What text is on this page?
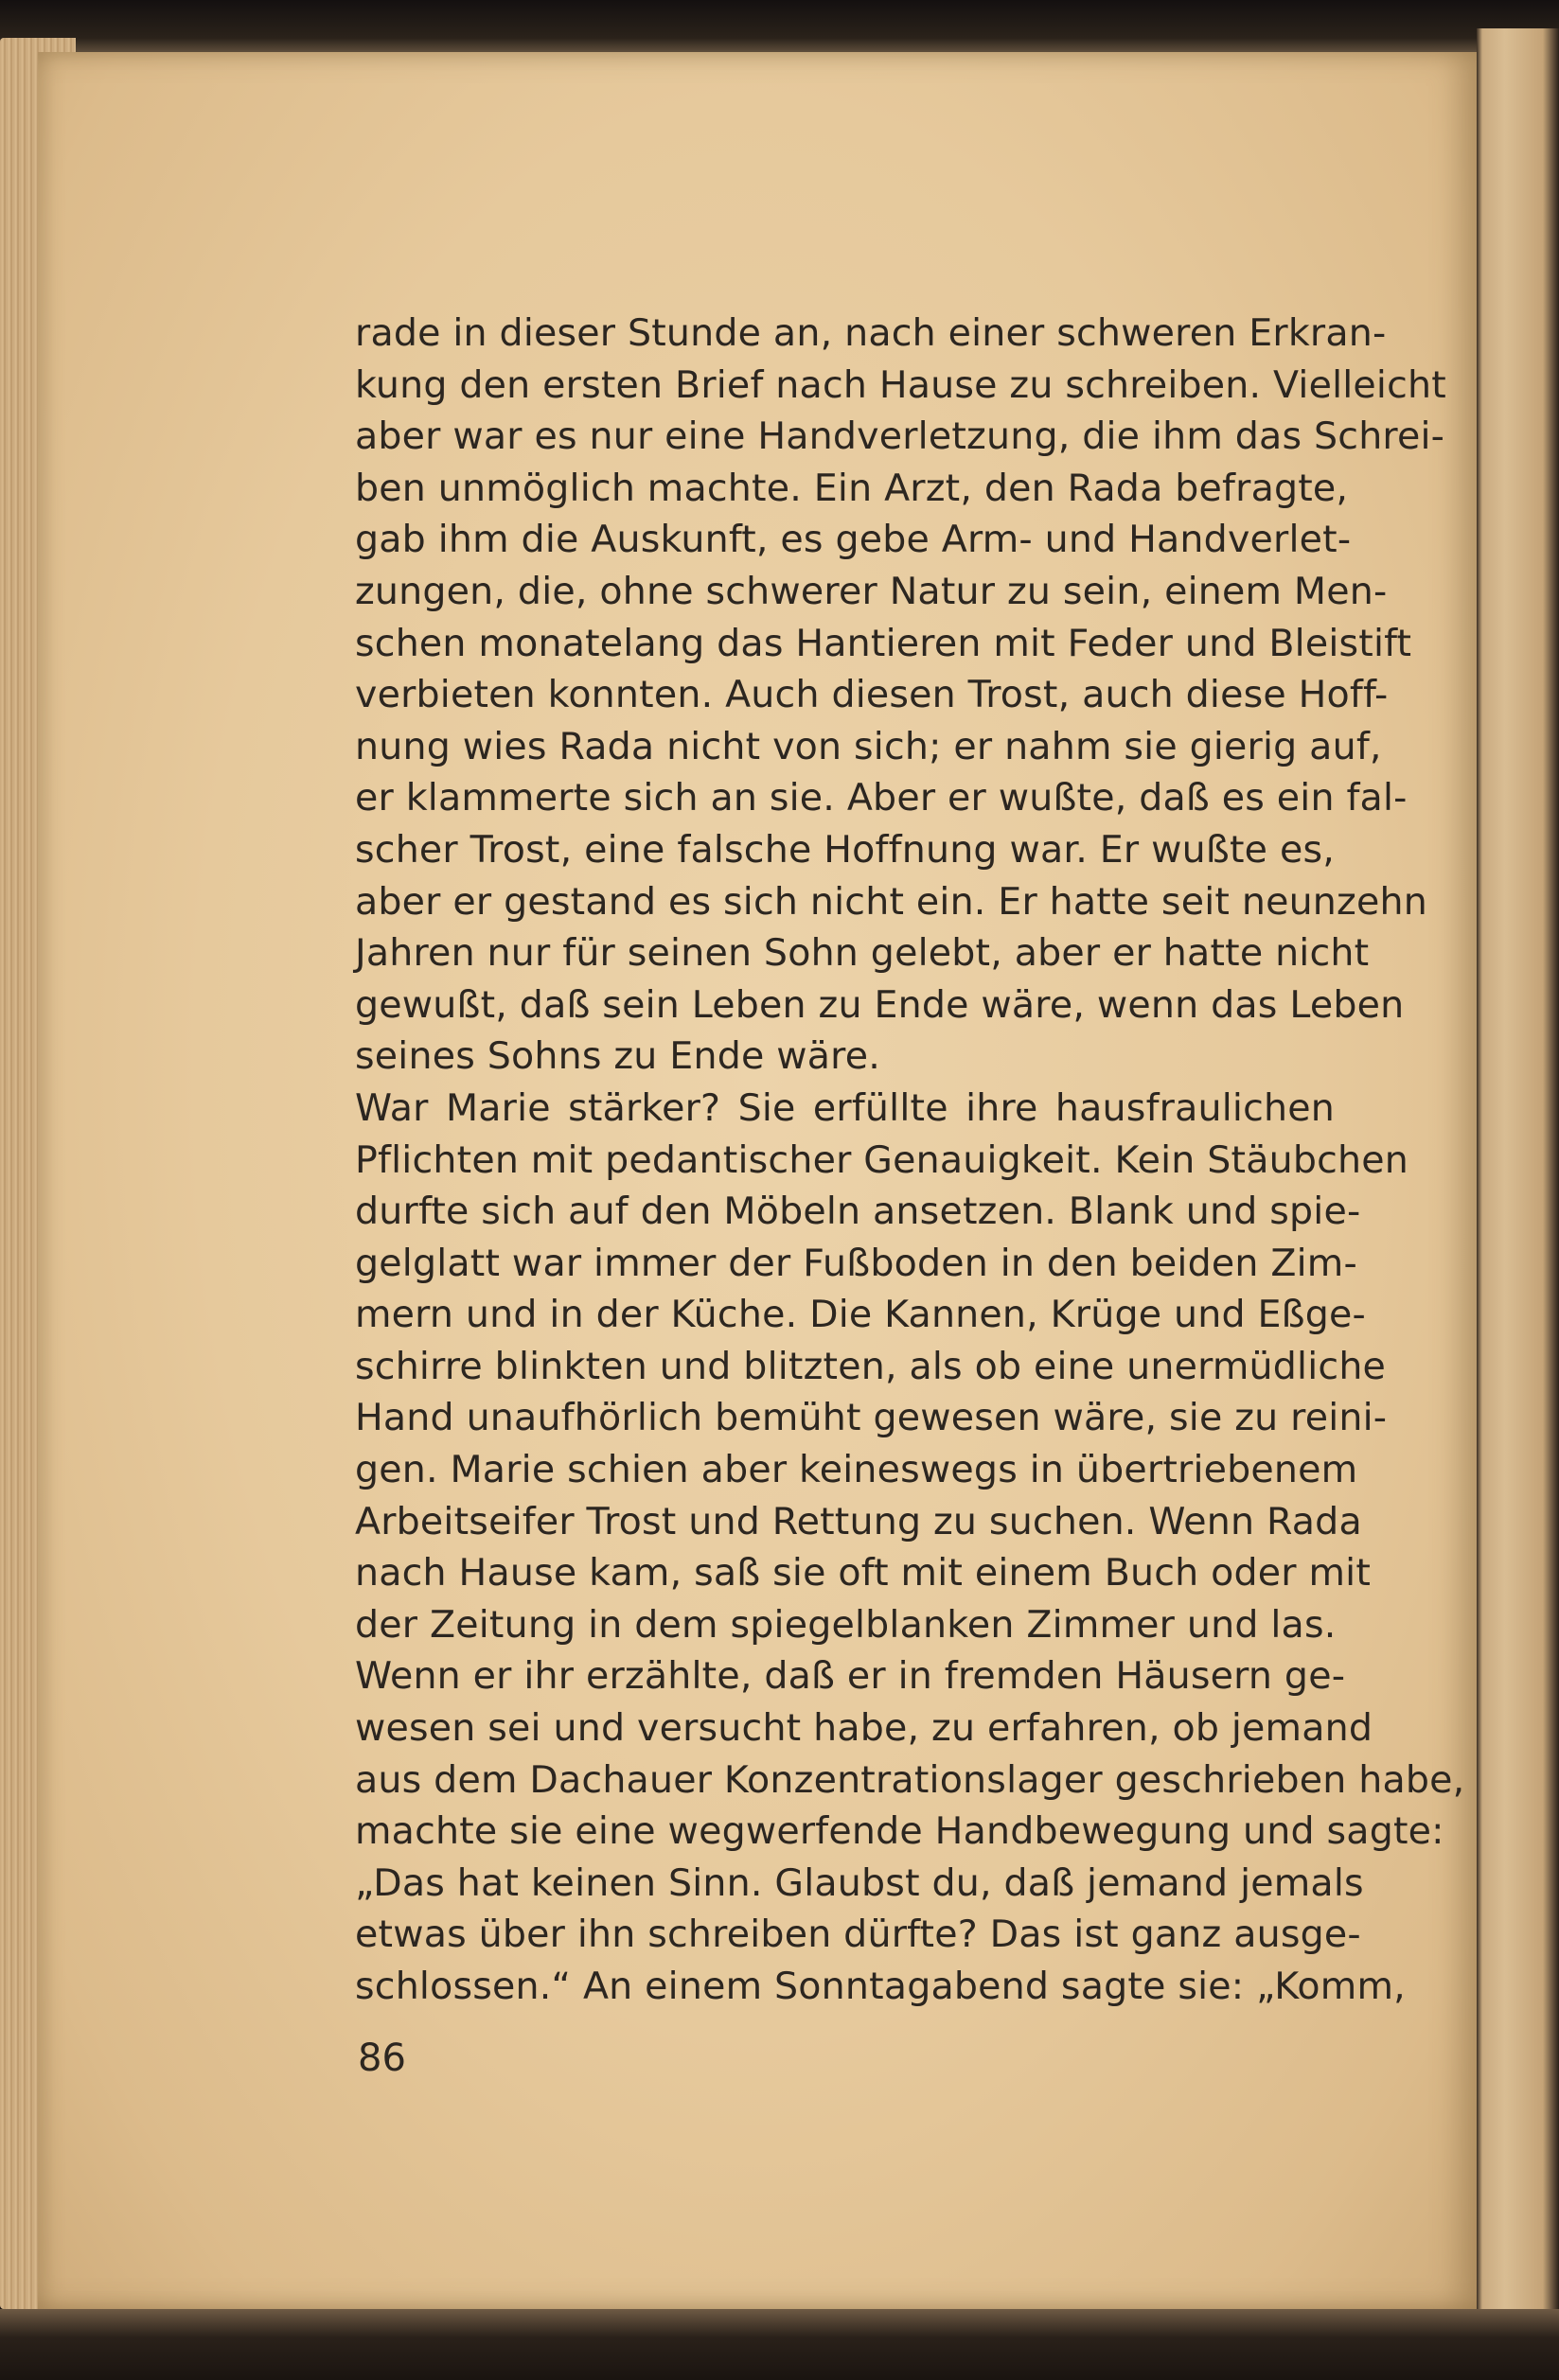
rade in dieser Stunde an, nach einer schweren Erkran-
kung den ersten Brief nach Hause zu schreiben. Vielleicht
aber war es nur eine Handverletzung, die ihm das Schrei-
ben unmöglich machte. Ein Arzt, den Rada befragte,
gab ihm die Auskunft, es gebe Arm- und Handverlet-
zungen, die, ohne schwerer Natur zu sein, einem Men-
schen monatelang das Hantieren mit Feder und Bleistift
verbieten konnten. Auch diesen Trost, auch diese Hoff-
nung wies Rada nicht von sich; er nahm sie gierig auf,
er klammerte sich an sie. Aber er wußte, daß es ein fal-
scher Trost, eine falsche Hoffnung war. Er wußte es,
aber er gestand es sich nicht ein. Er hatte seit neunzehn
Jahren nur für seinen Sohn gelebt, aber er hatte nicht
gewußt, daß sein Leben zu Ende wäre, wenn das Leben
seines Sohns zu Ende wäre.
War Marie stärker? Sie erfüllte ihre hausfraulichen
Pflichten mit pedantischer Genauigkeit. Kein Stäubchen
durfte sich auf den Möbeln ansetzen. Blank und spie-
gelglatt war immer der Fußboden in den beiden Zim-
mern und in der Küche. Die Kannen, Krüge und Eßge-
schirre blinkten und blitzten, als ob eine unermüdliche
Hand unaufhörlich bemüht gewesen wäre, sie zu reini-
gen. Marie schien aber keineswegs in übertriebenem
Arbeitseifer Trost und Rettung zu suchen. Wenn Rada
nach Hause kam, saß sie oft mit einem Buch oder mit
der Zeitung in dem spiegelblanken Zimmer und las.
Wenn er ihr erzählte, daß er in fremden Häusern ge-
wesen sei und versucht habe, zu erfahren, ob jemand
aus dem Dachauer Konzentrationslager geschrieben habe,
machte sie eine wegwerfende Handbewegung und sagte:
„Das hat keinen Sinn. Glaubst du, daß jemand jemals
etwas über ihn schreiben dürfte? Das ist ganz ausge-
schlossen.“ An einem Sonntagabend sagte sie: „Komm,
86
